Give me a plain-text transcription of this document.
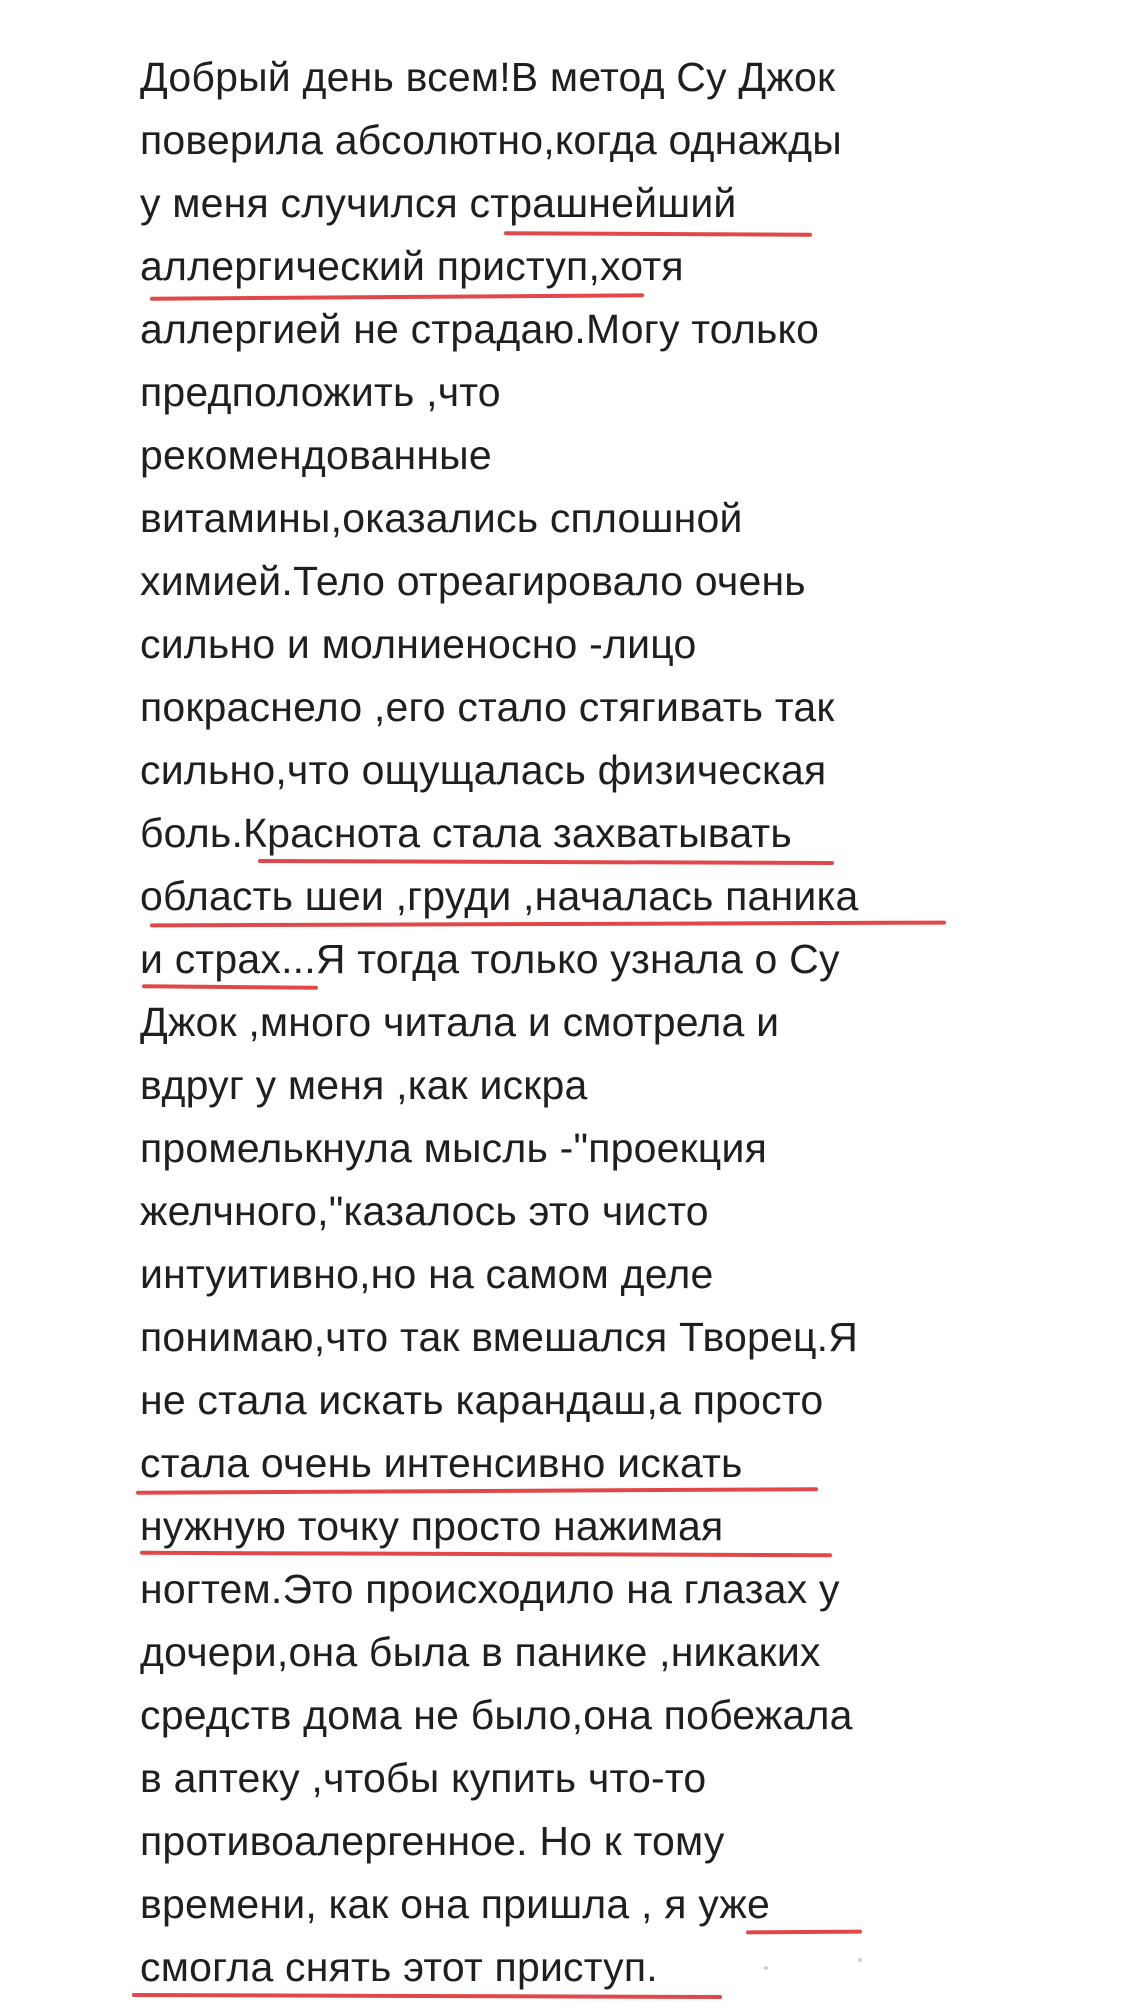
Добрый день всем!В метод Су Джок
поверила абсолютно,когда однажды
у меня случился страшнейший
аллергический приступ,хотя
аллергией не страдаю.Могу только
предположить ,что
рекомендованные
витамины,оказались сплошной
химией.Тело отреагировало очень
сильно и молниеносно -лицо
покраснело ,его стало стягивать так
сильно,что ощущалась физическая
боль.Краснота стала захватывать
область шеи ,груди ,началась паника
и страх...Я тогда только узнала о Су
Джок ,много читала и смотрела и
вдруг у меня ,как искра
промелькнула мысль -"проекция
желчного,"казалось это чисто
интуитивно,но на самом деле
понимаю,что так вмешался Творец.Я
не стала искать карандаш,а просто
стала очень интенсивно искать
нужную точку просто нажимая
ногтем.Это происходило на глазах у
дочери,она была в панике ,никаких
средств дома не было,она побежала
в аптеку ,чтобы купить что-то
противоалергенное. Но к тому
времени, как она пришла , я уже
смогла снять этот приступ.
